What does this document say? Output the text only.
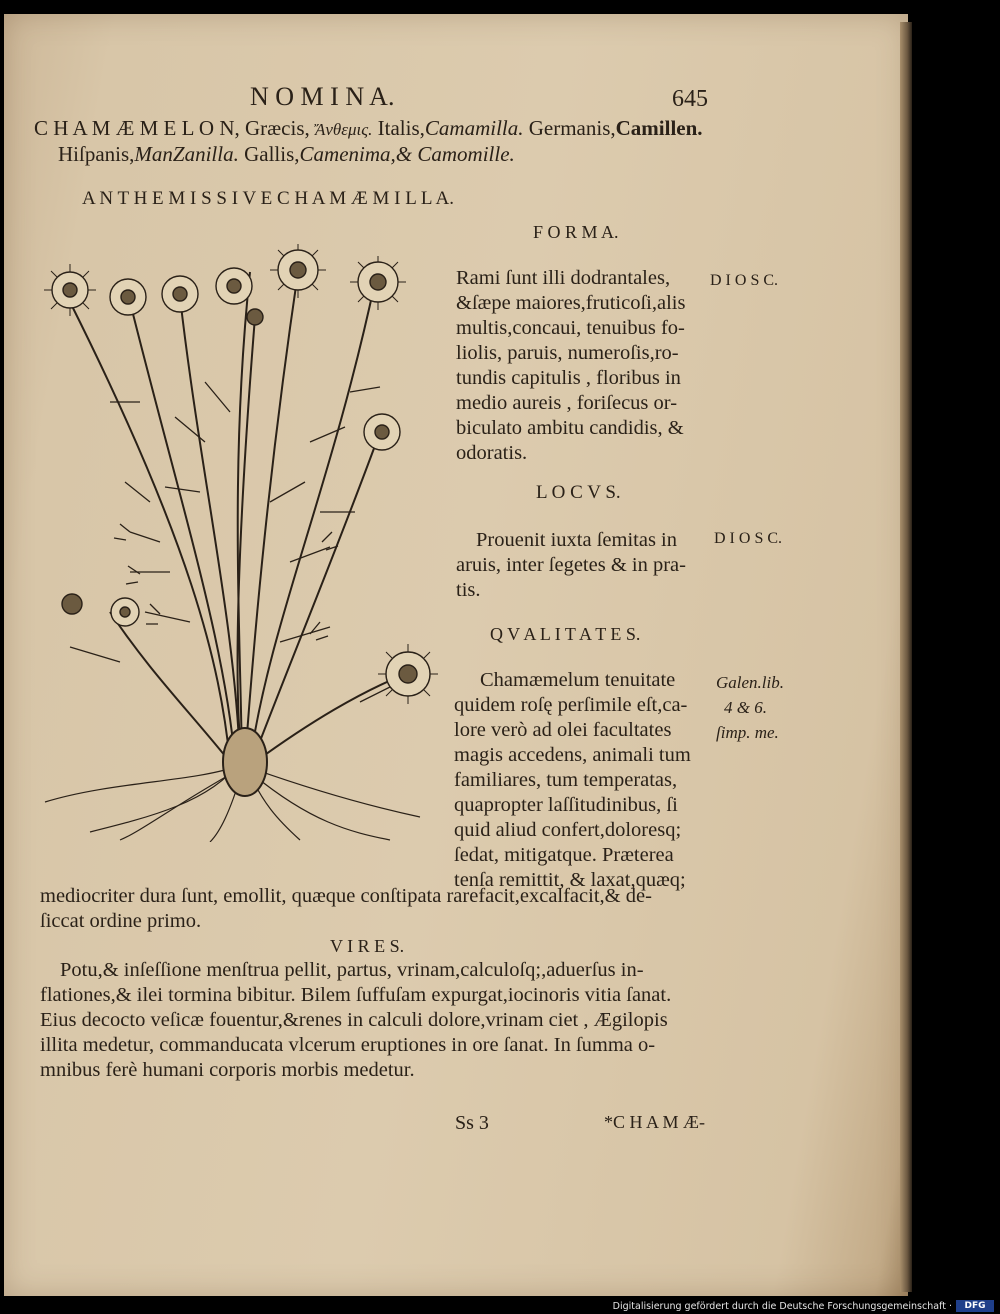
N O M I N A.	645
C H A M Æ M E L O N, Græcis, Ἄνθεμις. Italis,Camamilla. Germanis,Camillen.
Hiſpanis,ManZanilla. Gallis,Camenima,& Camomille.
A N T H E M I S S I V E C H A M Æ M I L L A.
F O R M A.
Rami ſunt illi dodrantales,
&ſæpe maiores,fruticoſi,alis
multis,concaui, tenuibus fo-
liolis, paruis, numeroſis,ro-
tundis capitulis , floribus in
medio aureis , foriſecus or-
biculato ambitu candidis, &
odoratis.
D I O S C.
L O C V S.
Prouenit iuxta ſemitas in
aruis, inter ſegetes & in pra-
tis.
D I O S C.
Q V A L I T A T E S.
Chamæmelum tenuitate
quidem roſę perſimile eſt,ca-
lore verò ad olei facultates
magis accedens, animali tum
familiares, tum temperatas,
quapropter laſſitudinibus, ſi
quid aliud confert,doloresq;
ſedat, mitigatque. Præterea
tenſa remittit, & laxat,quæq;
Galen.lib.
4 & 6.
ſimp. me.
mediocriter dura ſunt, emollit, quæque conſtipata rarefacit,excalfacit,& de-
ſiccat ordine primo.
V I R E S.
Potu,& inſeſſione menſtrua pellit, partus, vrinam,calculoſq;,aduerſus in-
flationes,& ilei tormina bibitur. Bilem ſuffuſam expurgat,iocinoris vitia ſanat.
Eius decocto veſicæ fouentur,&renes in calculi dolore,vrinam ciet , Ægilopis
illita medetur, commanducata vlcerum eruptiones in ore ſanat. In ſumma o-
mnibus ferè humani corporis morbis medetur.
Ss 3	*C H A M Æ-
Digitalisierung gefördert durch die Deutsche Forschungsgemeinschaft ·	DFG
